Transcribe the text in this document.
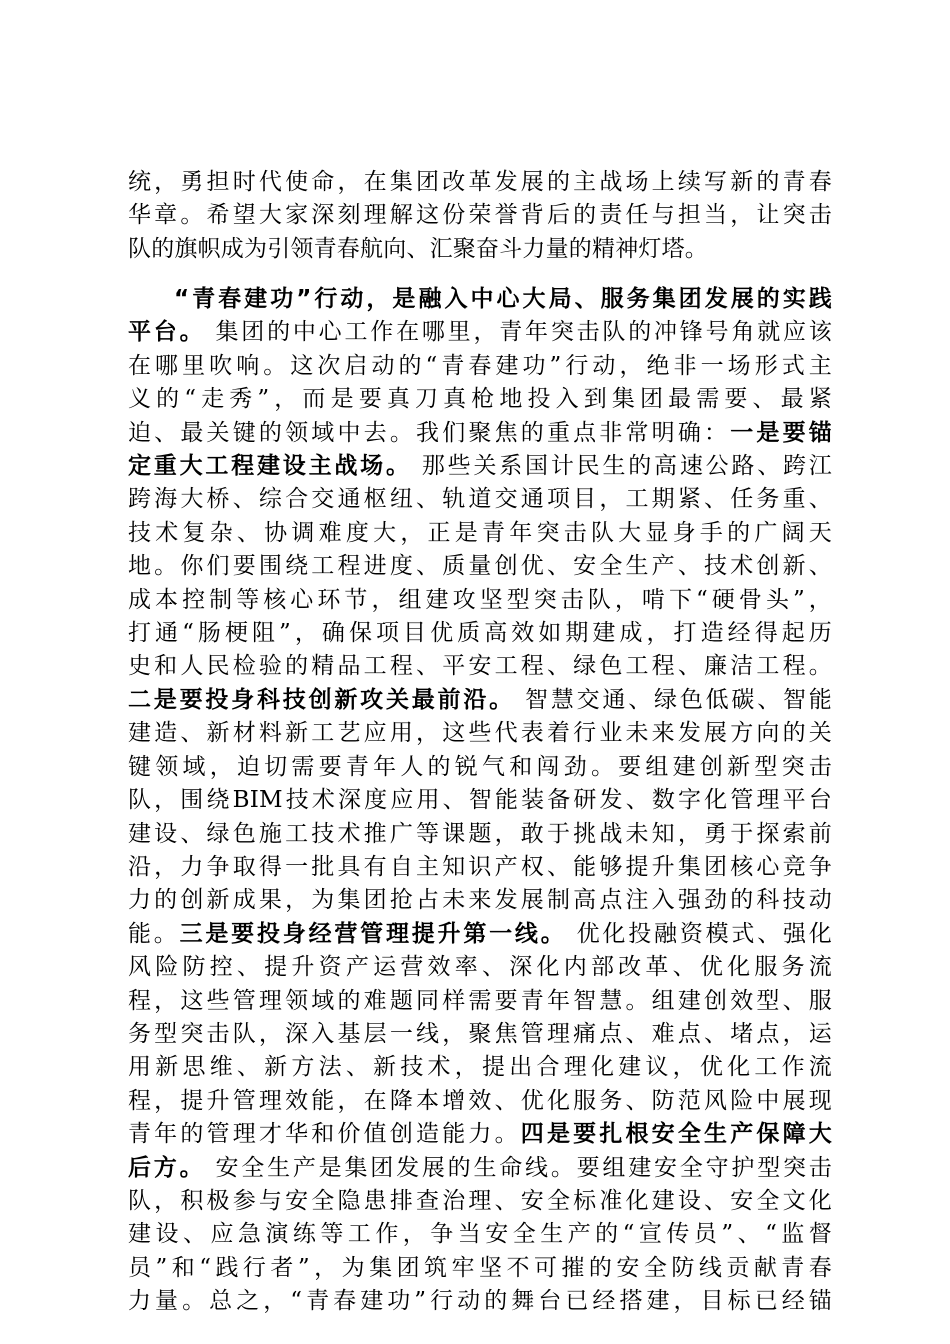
统，勇担时代使命，在集团改革发展的主战场上续写新的青春
华章。希望大家深刻理解这份荣誉背后的责任与担当，让突击
队的旗帜成为引领青春航向、汇聚奋斗力量的精神灯塔。
“青春建功”行动，是融入中心大局、服务集团发展的实践
平台。 集团的中心工作在哪里，青年突击队的冲锋号角就应该
在哪里吹响。这次启动的“青春建功”行动，绝非一场形式主
义的“走秀”，而是要真刀真枪地投入到集团最需要、最紧
迫、最关键的领域中去。我们聚焦的重点非常明确：一是要锚
定重大工程建设主战场。 那些关系国计民生的高速公路、跨江
跨海大桥、综合交通枢纽、轨道交通项目，工期紧、任务重、
技术复杂、协调难度大，正是青年突击队大显身手的广阔天
地。你们要围绕工程进度、质量创优、安全生产、技术创新、
成本控制等核心环节，组建攻坚型突击队，啃下“硬骨头”，
打通“肠梗阻”，确保项目优质高效如期建成，打造经得起历
史和人民检验的精品工程、平安工程、绿色工程、廉洁工程。
二是要投身科技创新攻关最前沿。 智慧交通、绿色低碳、智能
建造、新材料新工艺应用，这些代表着行业未来发展方向的关
键领域，迫切需要青年人的锐气和闯劲。要组建创新型突击
队，围绕BIM技术深度应用、智能装备研发、数字化管理平台
建设、绿色施工技术推广等课题，敢于挑战未知，勇于探索前
沿，力争取得一批具有自主知识产权、能够提升集团核心竞争
力的创新成果，为集团抢占未来发展制高点注入强劲的科技动
能。三是要投身经营管理提升第一线。 优化投融资模式、强化
风险防控、提升资产运营效率、深化内部改革、优化服务流
程，这些管理领域的难题同样需要青年智慧。组建创效型、服
务型突击队，深入基层一线，聚焦管理痛点、难点、堵点，运
用新思维、新方法、新技术，提出合理化建议，优化工作流
程，提升管理效能，在降本增效、优化服务、防范风险中展现
青年的管理才华和价值创造能力。四是要扎根安全生产保障大
后方。 安全生产是集团发展的生命线。要组建安全守护型突击
队，积极参与安全隐患排查治理、安全标准化建设、安全文化
建设、应急演练等工作，争当安全生产的“宣传员”、“监督
员”和“践行者”，为集团筑牢坚不可摧的安全防线贡献青春
力量。总之，“青春建功”行动的舞台已经搭建，目标已经锚
